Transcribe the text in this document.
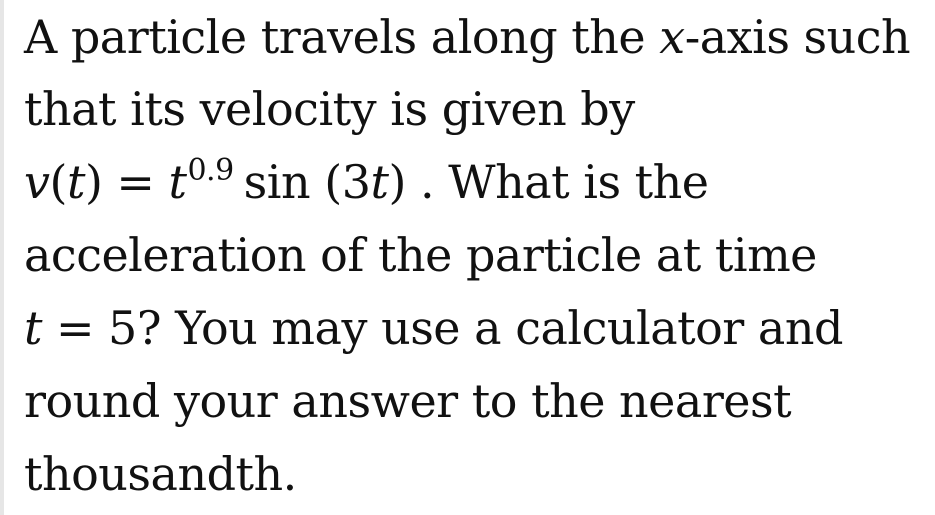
A particle travels along the x-axis such
that its velocity is given by
$v(t) = t^{0.9}$ sin (3t) . What is the
acceleration of the particle at time
t = 5? You may use a calculator and
round your answer to the nearest
thousandth.
